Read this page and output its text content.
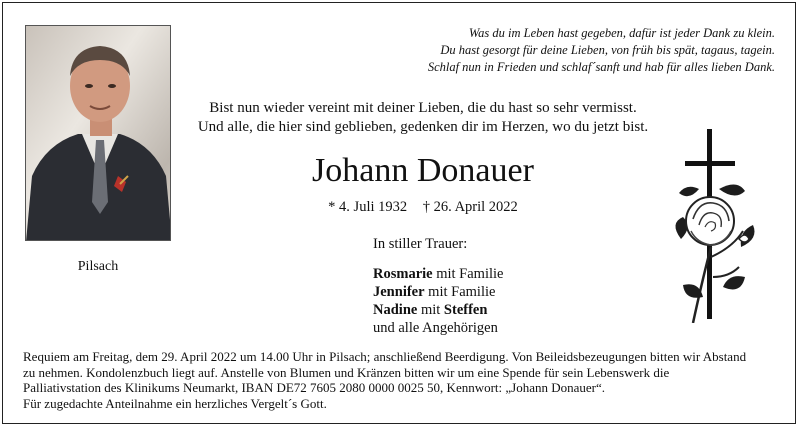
Pilsach
Was du im Leben hast gegeben, dafür ist jeder Dank zu klein.
Du hast gesorgt für deine Lieben, von früh bis spät, tagaus, tagein.
Schlaf nun in Frieden und schlaf´sanft und hab für alles lieben Dank.
Bist nun wieder vereint mit deiner Lieben, die du hast so sehr vermisst.
Und alle, die hier sind geblieben, gedenken dir im Herzen, wo du jetzt bist.
Johann Donauer
* 4. Juli 1932 † 26. April 2022
In stiller Trauer:
Rosmarie mit Familie
Jennifer mit Familie
Nadine mit Steffen
und alle Angehörigen
Requiem am Freitag, dem 29. April 2022 um 14.00 Uhr in Pilsach; anschließend Beerdigung. Von Beileidsbezeugungen bitten wir Abstand
zu nehmen. Kondolenzbuch liegt auf. Anstelle von Blumen und Kränzen bitten wir um eine Spende für sein Lebenswerk die
Palliativstation des Klinikums Neumarkt, IBAN DE72 7605 2080 0000 0025 50, Kennwort: „Johann Donauer“.
Für zugedachte Anteilnahme ein herzliches Vergelt´s Gott.
